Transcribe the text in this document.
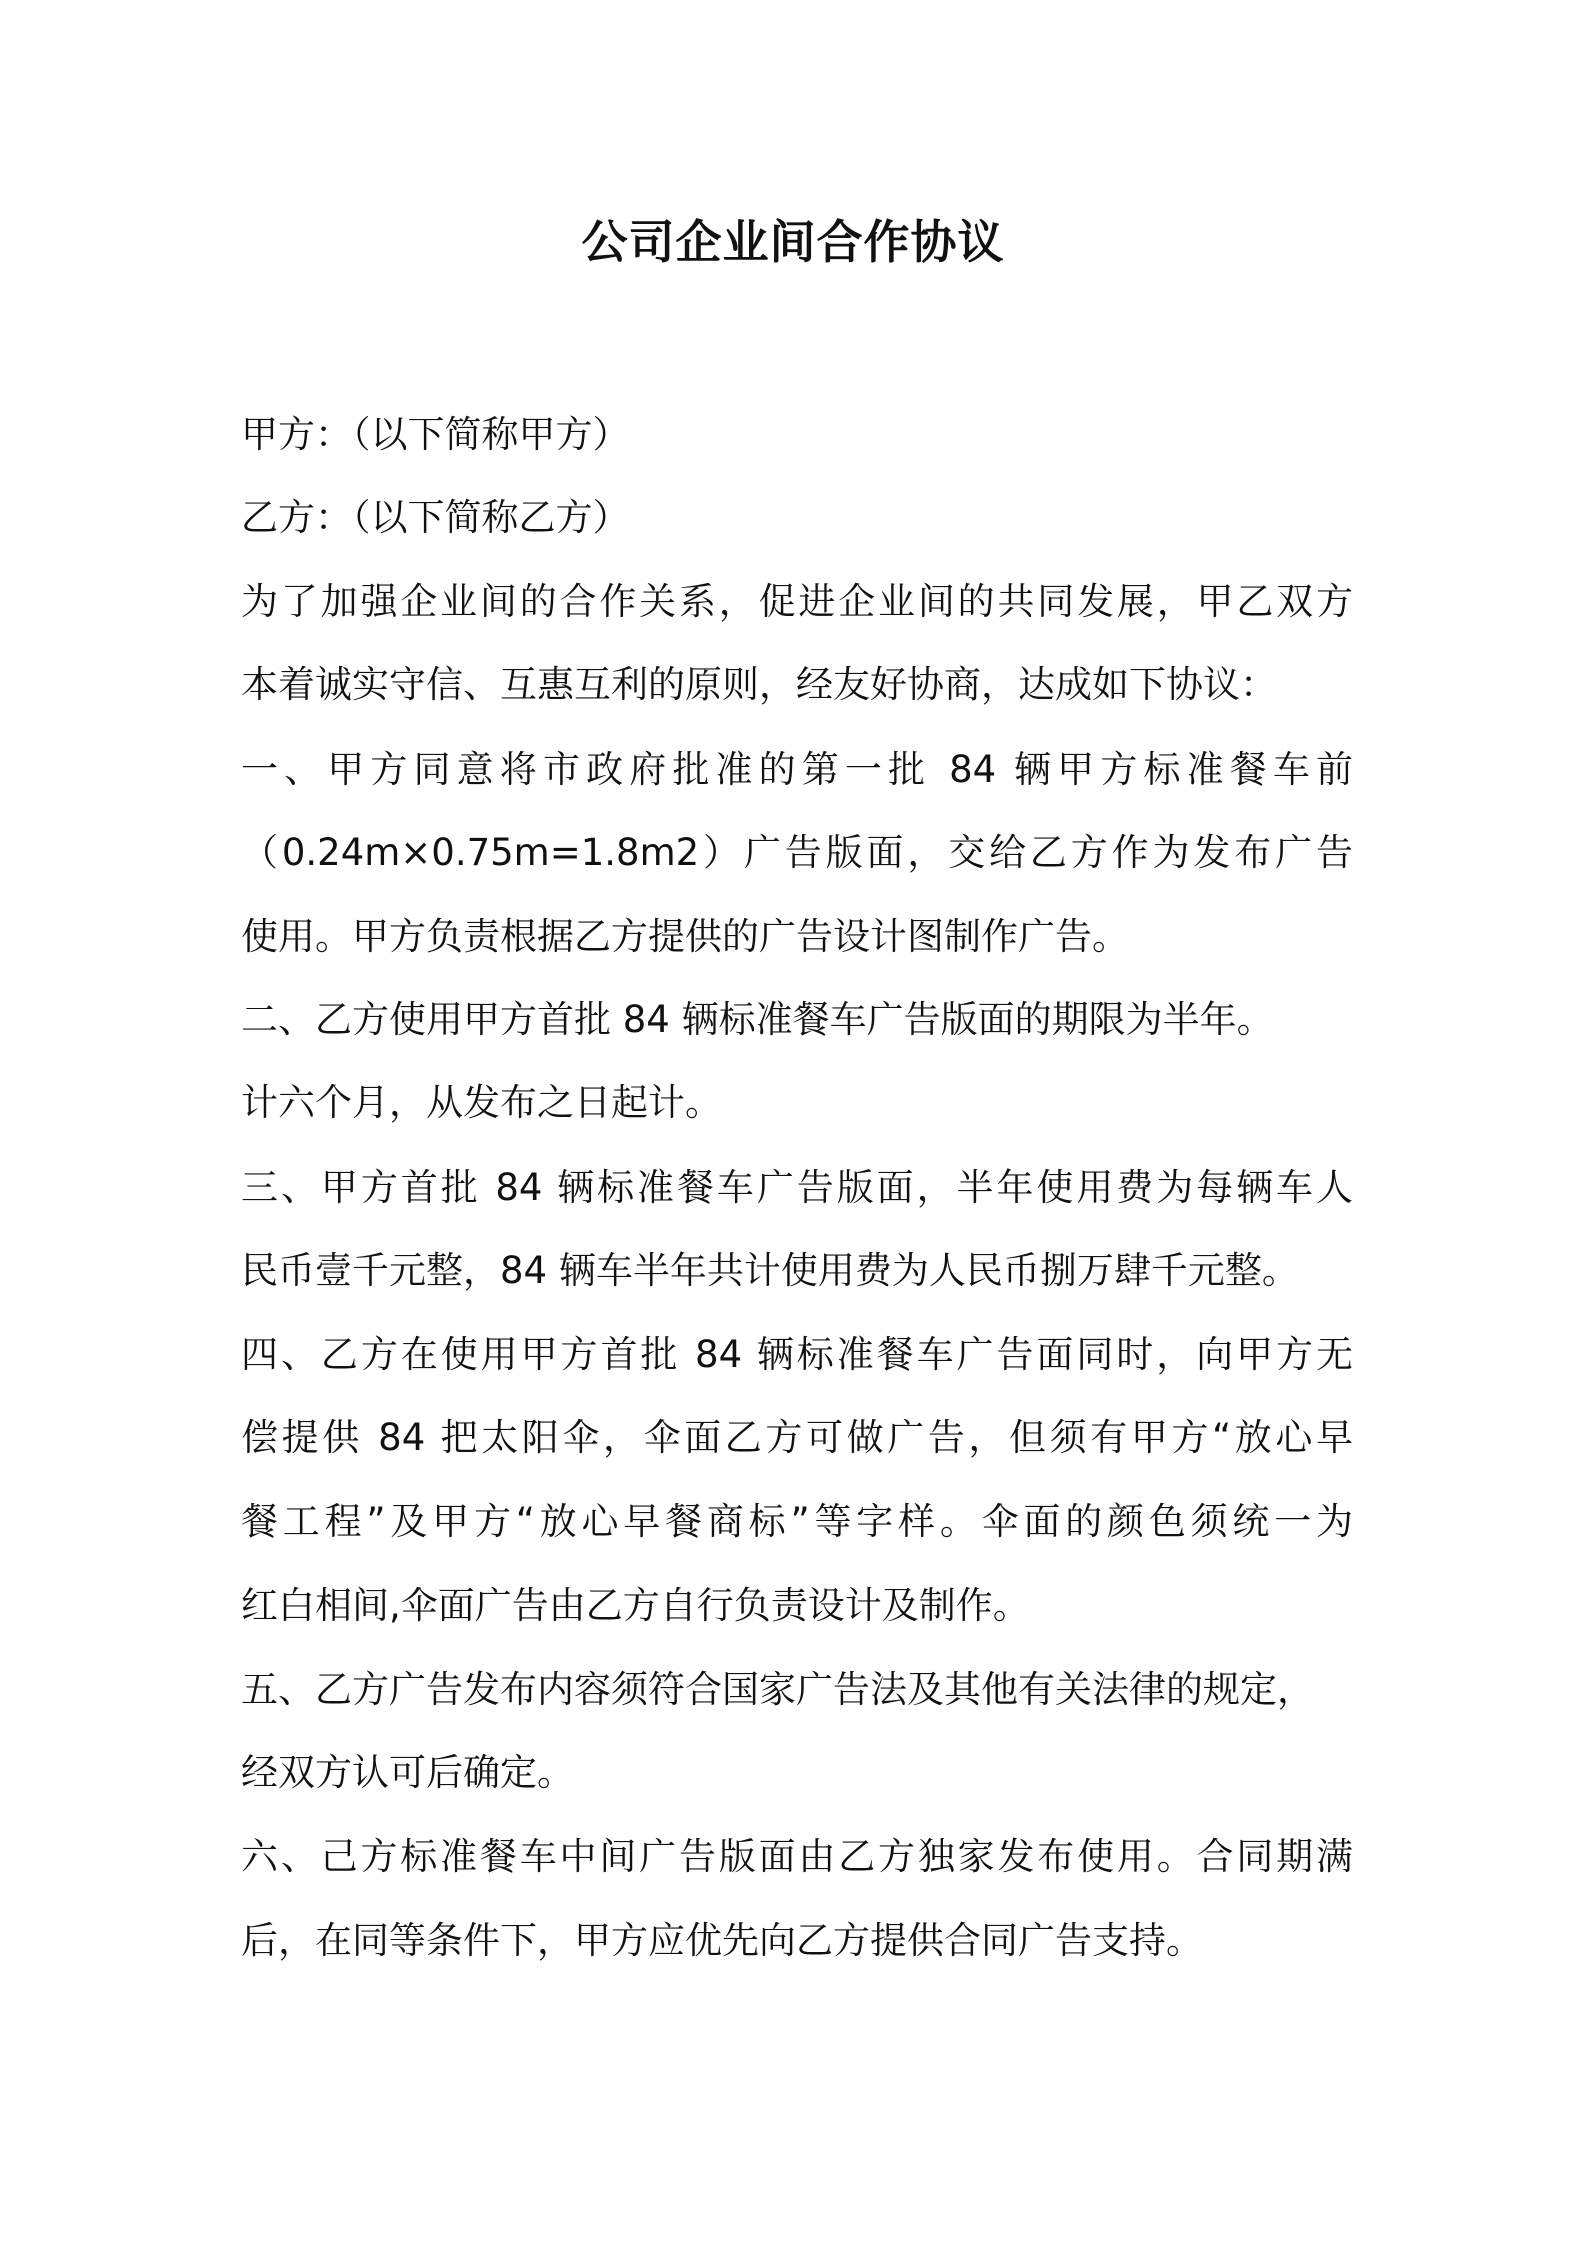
公司企业间合作协议

甲方：（以下简称甲方）

乙方：（以下简称乙方）

为了加强企业间的合作关系，促进企业间的共同发展，甲乙双方

本着诚实守信、互惠互利的原则，经友好协商，达成如下协议：

一、甲方同意将市政府批准的第一批 84 辆甲方标准餐车前

（0.24m×0.75m=1.8m2）广告版面，交给乙方作为发布广告

使用。甲方负责根据乙方提供的广告设计图制作广告。

二、乙方使用甲方首批 84 辆标准餐车广告版面的期限为半年。

计六个月，从发布之日起计。

三、甲方首批 84 辆标准餐车广告版面，半年使用费为每辆车人

民币壹千元整，84 辆车半年共计使用费为人民币捌万肆千元整。

四、乙方在使用甲方首批 84 辆标准餐车广告面同时，向甲方无

偿提供 84 把太阳伞，伞面乙方可做广告，但须有甲方“放心早

餐工程”及甲方“放心早餐商标”等字样。伞面的颜色须统一为

红白相间,伞面广告由乙方自行负责设计及制作。

五、乙方广告发布内容须符合国家广告法及其他有关法律的规定，

经双方认可后确定。

六、己方标准餐车中间广告版面由乙方独家发布使用。合同期满

后，在同等条件下，甲方应优先向乙方提供合同广告支持。
